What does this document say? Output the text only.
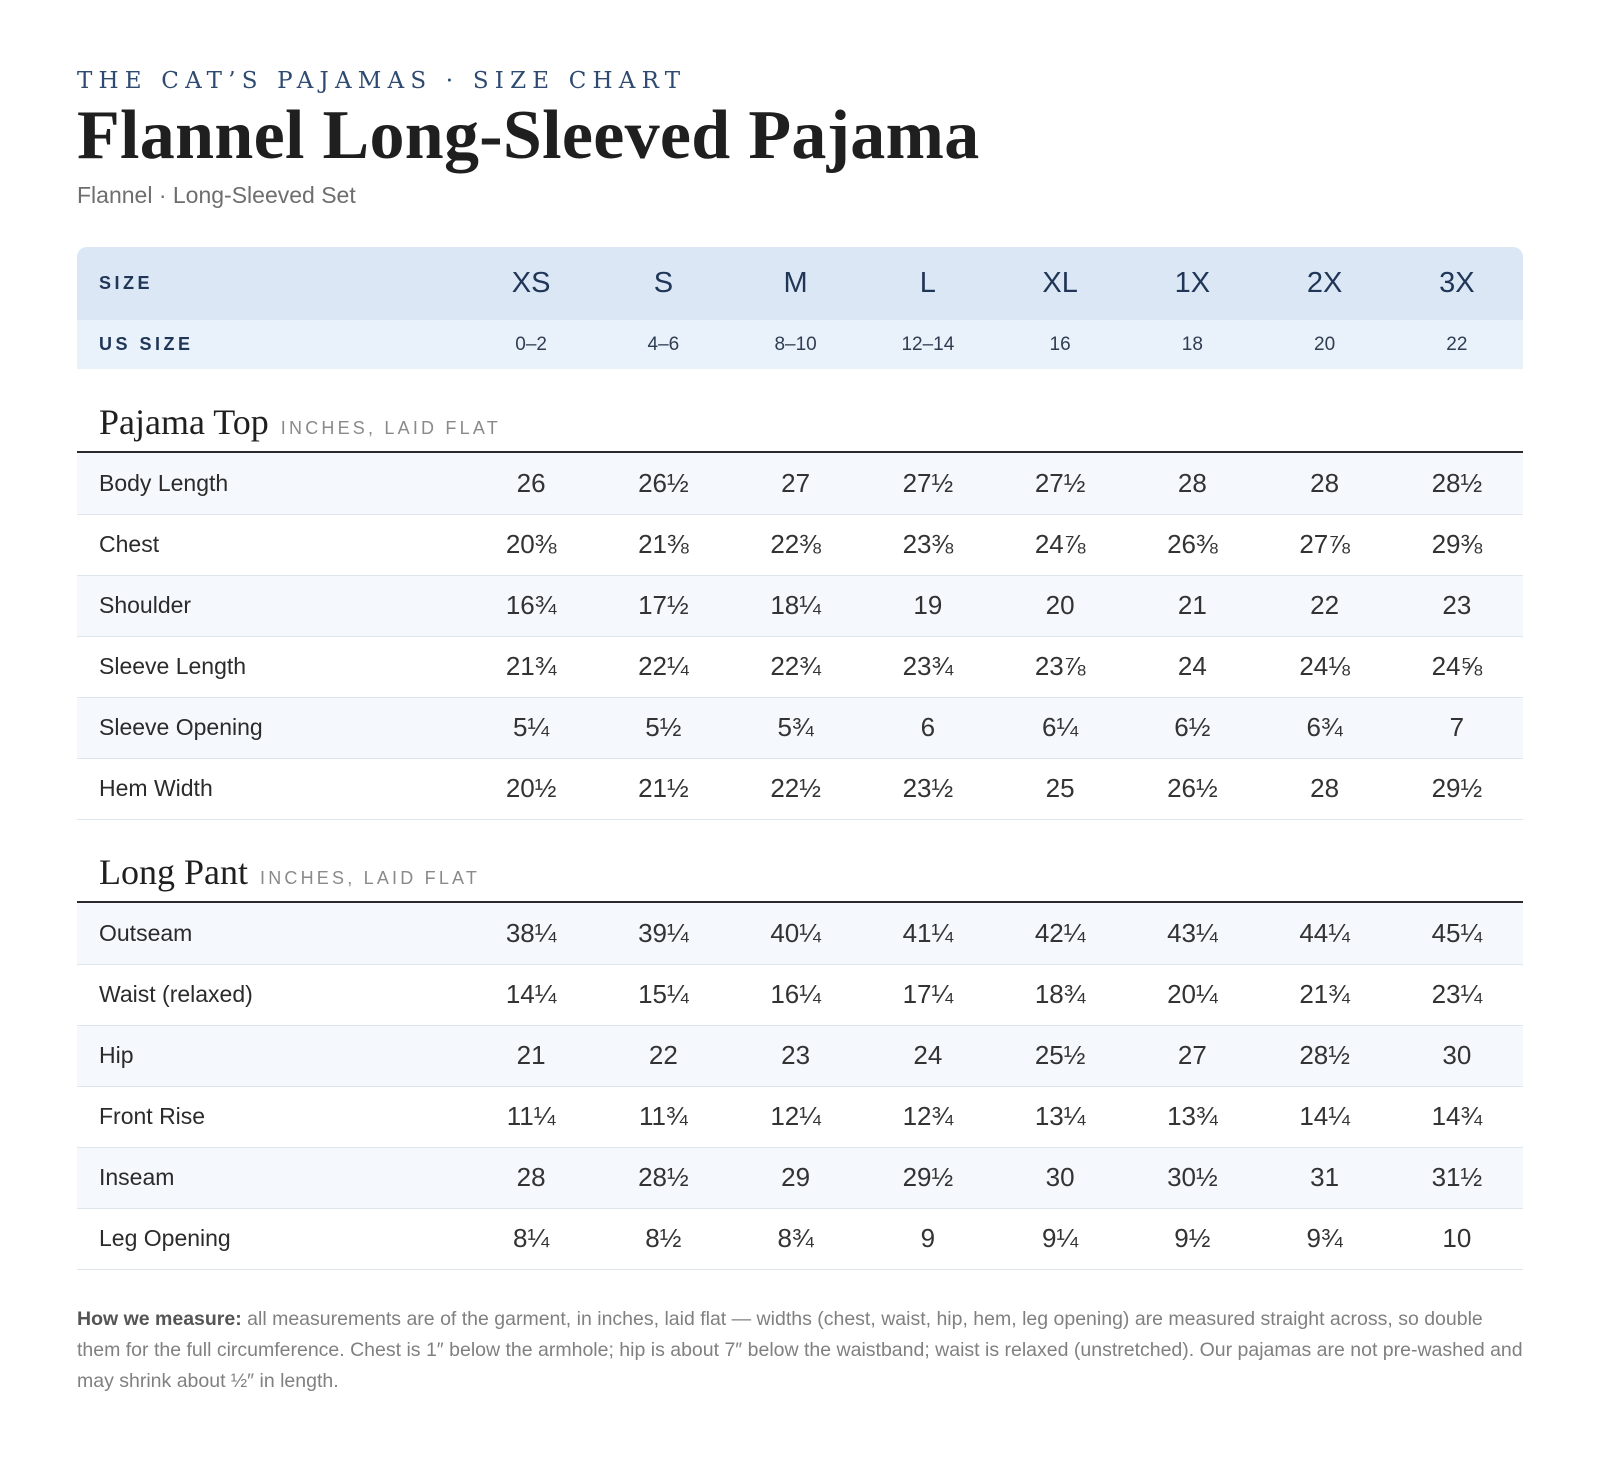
THE CAT’S PAJAMAS · SIZE CHART
Flannel Long-Sleeved Pajama
Flannel · Long-Sleeved Set
SIZE	XS	S	M	L	XL	1X	2X	3X
US SIZE	0–2	4–6	8–10	12–14	16	18	20	22
Pajama Top INCHES, LAID FLAT
Body Length	26	26½	27	27½	27½	28	28	28½
Chest	20⅜	21⅜	22⅜	23⅜	24⅞	26⅜	27⅞	29⅜
Shoulder	16¾	17½	18¼	19	20	21	22	23
Sleeve Length	21¾	22¼	22¾	23¾	23⅞	24	24⅛	24⅝
Sleeve Opening	5¼	5½	5¾	6	6¼	6½	6¾	7
Hem Width	20½	21½	22½	23½	25	26½	28	29½
Long Pant INCHES, LAID FLAT
Outseam	38¼	39¼	40¼	41¼	42¼	43¼	44¼	45¼
Waist (relaxed)	14¼	15¼	16¼	17¼	18¾	20¼	21¾	23¼
Hip	21	22	23	24	25½	27	28½	30
Front Rise	11¼	11¾	12¼	12¾	13¼	13¾	14¼	14¾
Inseam	28	28½	29	29½	30	30½	31	31½
Leg Opening	8¼	8½	8¾	9	9¼	9½	9¾	10

How we measure: all measurements are of the garment, in inches, laid flat — widths (chest, waist, hip, hem, leg opening) are measured straight across, so double them for the full circumference. Chest is 1″ below the armhole; hip is about 7″ below the waistband; waist is relaxed (unstretched). Our pajamas are not pre-washed and may shrink about ½″ in length.
